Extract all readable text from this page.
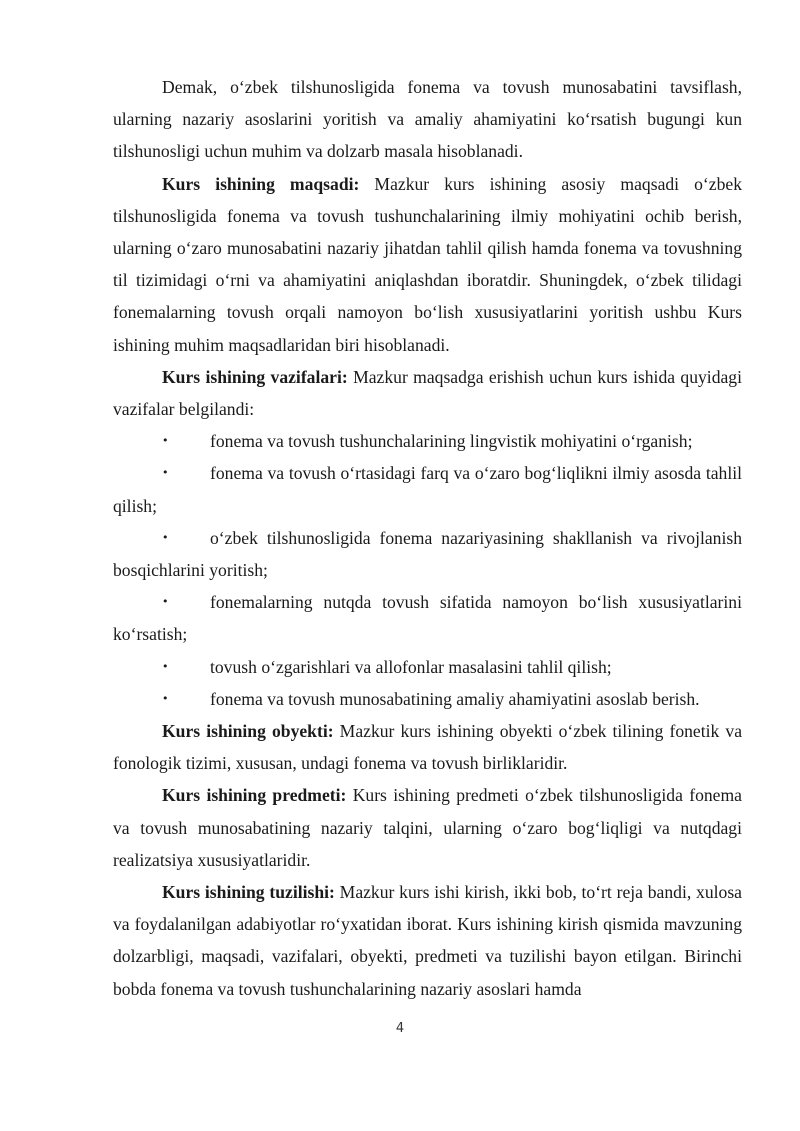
Demak, o‘zbek tilshunosligida fonema va tovush munosabatini tavsiflash, ularning nazariy asoslarini yoritish va amaliy ahamiyatini ko‘rsatish bugungi kun tilshunosligi uchun muhim va dolzarb masala hisoblanadi.

Kurs ishining maqsadi: Mazkur kurs ishining asosiy maqsadi o‘zbek tilshunosligida fonema va tovush tushunchalarining ilmiy mohiyatini ochib berish, ularning o‘zaro munosabatini nazariy jihatdan tahlil qilish hamda fonema va tovushning til tizimidagi o‘rni va ahamiyatini aniqlashdan iboratdir. Shuningdek, o‘zbek tilidagi fonemalarning tovush orqali namoyon bo‘lish xususiyatlarini yoritish ushbu Kurs ishining muhim maqsadlaridan biri hisoblanadi.

Kurs ishining vazifalari: Mazkur maqsadga erishish uchun kurs ishida quyidagi vazifalar belgilandi:

• fonema va tovush tushunchalarining lingvistik mohiyatini o‘rganish;
• fonema va tovush o‘rtasidagi farq va o‘zaro bog‘liqlikni ilmiy asosda tahlil qilish;
• o‘zbek tilshunosligida fonema nazariyasining shakllanish va rivojlanish bosqichlarini yoritish;
• fonemalarning nutqda tovush sifatida namoyon bo‘lish xususiyatlarini ko‘rsatish;
• tovush o‘zgarishlari va allofonlar masalasini tahlil qilish;
• fonema va tovush munosabatining amaliy ahamiyatini asoslab berish.

Kurs ishining obyekti: Mazkur kurs ishining obyekti o‘zbek tilining fonetik va fonologik tizimi, xususan, undagi fonema va tovush birliklaridir.

Kurs ishining predmeti: Kurs ishining predmeti o‘zbek tilshunosligida fonema va tovush munosabatining nazariy talqini, ularning o‘zaro bog‘liqligi va nutqdagi realizatsiya xususiyatlaridir.

Kurs ishining tuzilishi: Mazkur kurs ishi kirish, ikki bob, to‘rt reja bandi, xulosa va foydalanilgan adabiyotlar ro‘yxatidan iborat. Kurs ishining kirish qismida mavzuning dolzarbligi, maqsadi, vazifalari, obyekti, predmeti va tuzilishi bayon etilgan. Birinchi bobda fonema va tovush tushunchalarining nazariy asoslari hamda

4
